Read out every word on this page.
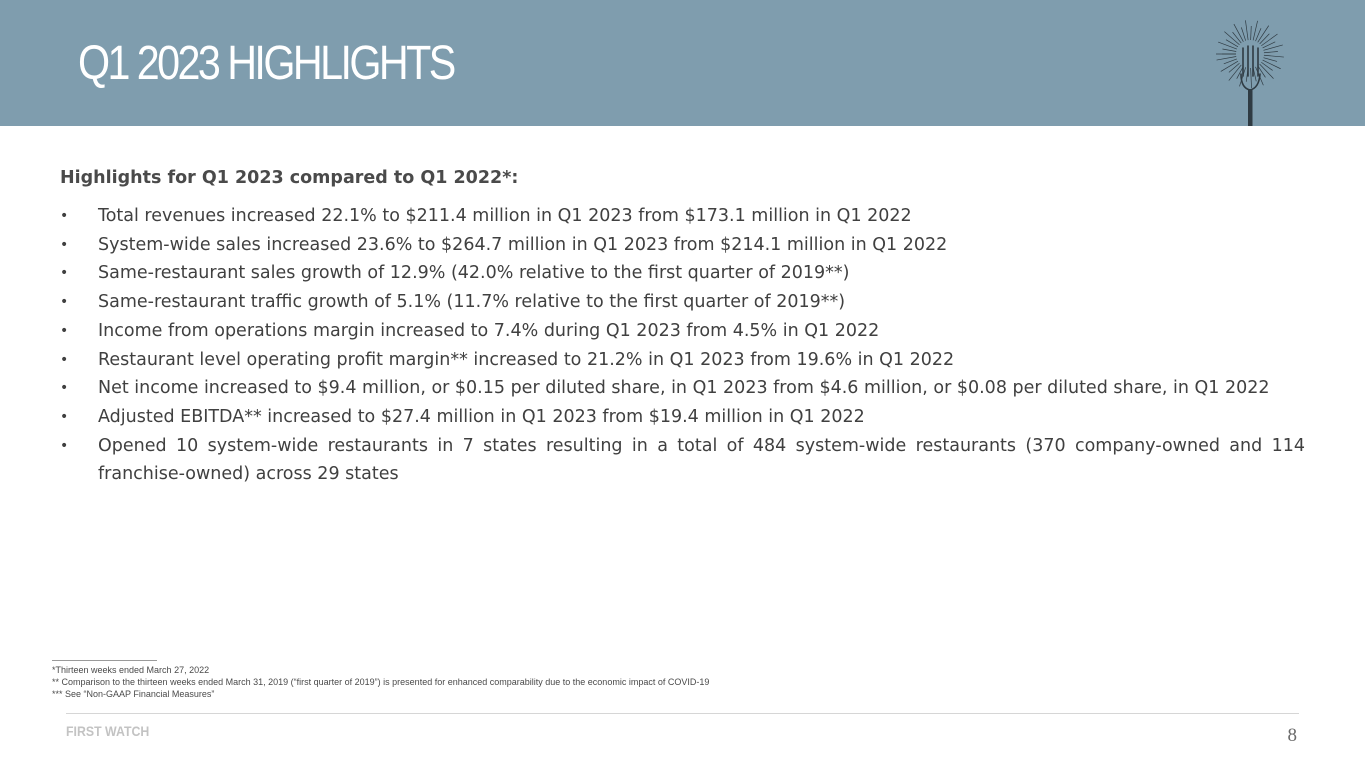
Q1 2023 HIGHLIGHTS

Highlights for Q1 2023 compared to Q1 2022*:

• Total revenues increased 22.1% to $211.4 million in Q1 2023 from $173.1 million in Q1 2022
• System-wide sales increased 23.6% to $264.7 million in Q1 2023 from $214.1 million in Q1 2022
• Same-restaurant sales growth of 12.9% (42.0% relative to the first quarter of 2019**)
• Same-restaurant traffic growth of 5.1% (11.7% relative to the first quarter of 2019**)
• Income from operations margin increased to 7.4% during Q1 2023 from 4.5% in Q1 2022
• Restaurant level operating profit margin** increased to 21.2% in Q1 2023 from 19.6% in Q1 2022
• Net income increased to $9.4 million, or $0.15 per diluted share, in Q1 2023 from $4.6 million, or $0.08 per diluted share, in Q1 2022
• Adjusted EBITDA** increased to $27.4 million in Q1 2023 from $19.4 million in Q1 2022
• Opened 10 system-wide restaurants in 7 states resulting in a total of 484 system-wide restaurants (370 company-owned and 114 franchise-owned) across 29 states
*Thirteen weeks ended March 27, 2022
** Comparison to the thirteen weeks ended March 31, 2019 (“first quarter of 2019”) is presented for enhanced comparability due to the economic impact of COVID-19
*** See “Non-GAAP Financial Measures”
FIRST WATCH	8
